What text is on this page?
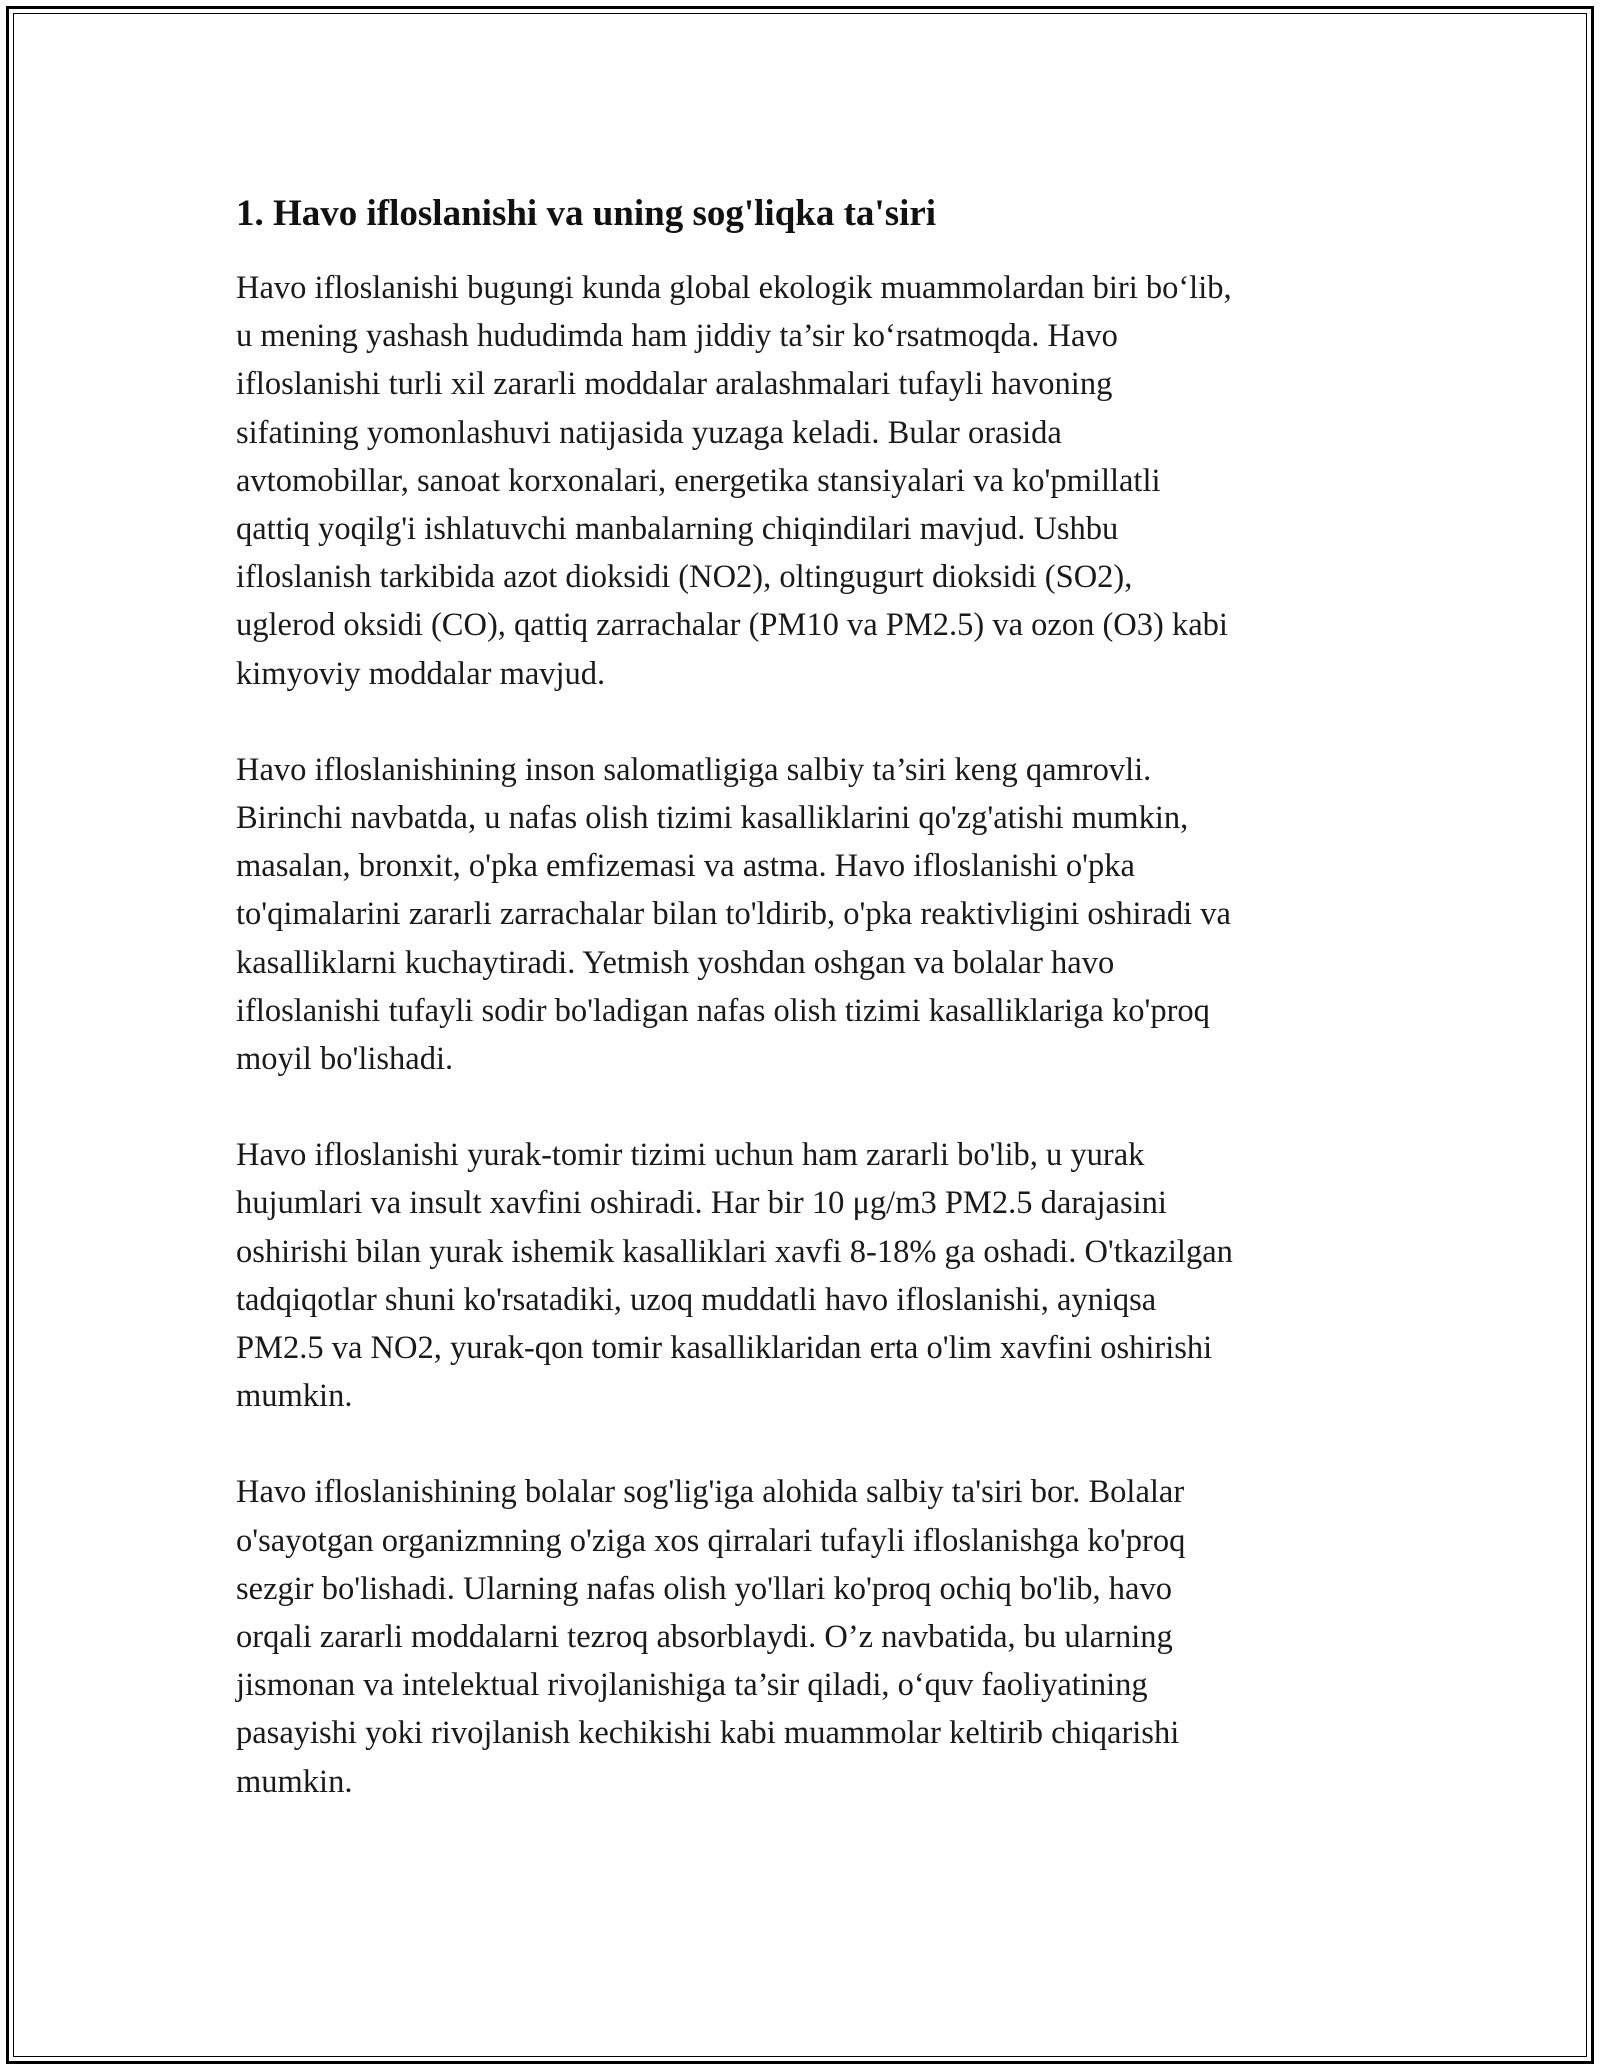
1. Havo ifloslanishi va uning sog'liqka ta'siri

Havo ifloslanishi bugungi kunda global ekologik muammolardan biri bo‘lib,
u mening yashash hududimda ham jiddiy ta’sir ko‘rsatmoqda. Havo
ifloslanishi turli xil zararli moddalar aralashmalari tufayli havoning
sifatining yomonlashuvi natijasida yuzaga keladi. Bular orasida
avtomobillar, sanoat korxonalari, energetika stansiyalari va ko'pmillatli
qattiq yoqilg'i ishlatuvchi manbalarning chiqindilari mavjud. Ushbu
ifloslanish tarkibida azot dioksidi (NO2), oltingugurt dioksidi (SO2),
uglerod oksidi (CO), qattiq zarrachalar (PM10 va PM2.5) va ozon (O3) kabi
kimyoviy moddalar mavjud.

Havo ifloslanishining inson salomatligiga salbiy ta’siri keng qamrovli.
Birinchi navbatda, u nafas olish tizimi kasalliklarini qo'zg'atishi mumkin,
masalan, bronxit, o'pka emfizemasi va astma. Havo ifloslanishi o'pka
to'qimalarini zararli zarrachalar bilan to'ldirib, o'pka reaktivligini oshiradi va
kasalliklarni kuchaytiradi. Yetmish yoshdan oshgan va bolalar havo
ifloslanishi tufayli sodir bo'ladigan nafas olish tizimi kasalliklariga ko'proq
moyil bo'lishadi.

Havo ifloslanishi yurak-tomir tizimi uchun ham zararli bo'lib, u yurak
hujumlari va insult xavfini oshiradi. Har bir 10 μg/m3 PM2.5 darajasini
oshirishi bilan yurak ishemik kasalliklari xavfi 8-18% ga oshadi. O'tkazilgan
tadqiqotlar shuni ko'rsatadiki, uzoq muddatli havo ifloslanishi, ayniqsa
PM2.5 va NO2, yurak-qon tomir kasalliklaridan erta o'lim xavfini oshirishi
mumkin.

Havo ifloslanishining bolalar sog'lig'iga alohida salbiy ta'siri bor. Bolalar
o'sayotgan organizmning o'ziga xos qirralari tufayli ifloslanishga ko'proq
sezgir bo'lishadi. Ularning nafas olish yo'llari ko'proq ochiq bo'lib, havo
orqali zararli moddalarni tezroq absorblaydi. O’z navbatida, bu ularning
jismonan va intelektual rivojlanishiga ta’sir qiladi, o‘quv faoliyatining
pasayishi yoki rivojlanish kechikishi kabi muammolar keltirib chiqarishi
mumkin.
